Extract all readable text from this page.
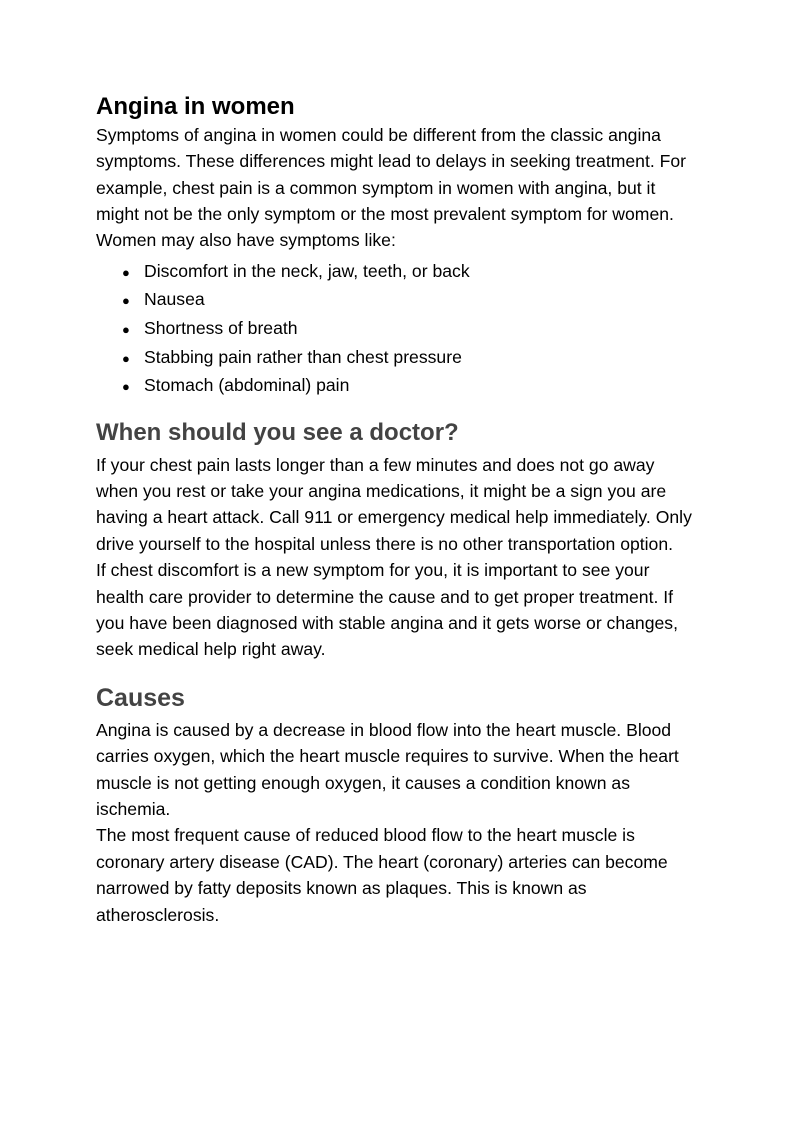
Angina in women

Symptoms of angina in women could be different from the classic angina symptoms. These differences might lead to delays in seeking treatment. For example, chest pain is a common symptom in women with angina, but it might not be the only symptom or the most prevalent symptom for women. Women may also have symptoms like:

● Discomfort in the neck, jaw, teeth, or back
● Nausea
● Shortness of breath
● Stabbing pain rather than chest pressure
● Stomach (abdominal) pain
When should you see a doctor?

If your chest pain lasts longer than a few minutes and does not go away when you rest or take your angina medications, it might be a sign you are having a heart attack. Call 911 or emergency medical help immediately. Only drive yourself to the hospital unless there is no other transportation option.

If chest discomfort is a new symptom for you, it is important to see your health care provider to determine the cause and to get proper treatment. If you have been diagnosed with stable angina and it gets worse or changes, seek medical help right away.

Causes

Angina is caused by a decrease in blood flow into the heart muscle. Blood carries oxygen, which the heart muscle requires to survive. When the heart muscle is not getting enough oxygen, it causes a condition known as ischemia.

The most frequent cause of reduced blood flow to the heart muscle is coronary artery disease (CAD). The heart (coronary) arteries can become narrowed by fatty deposits known as plaques. This is known as atherosclerosis.
